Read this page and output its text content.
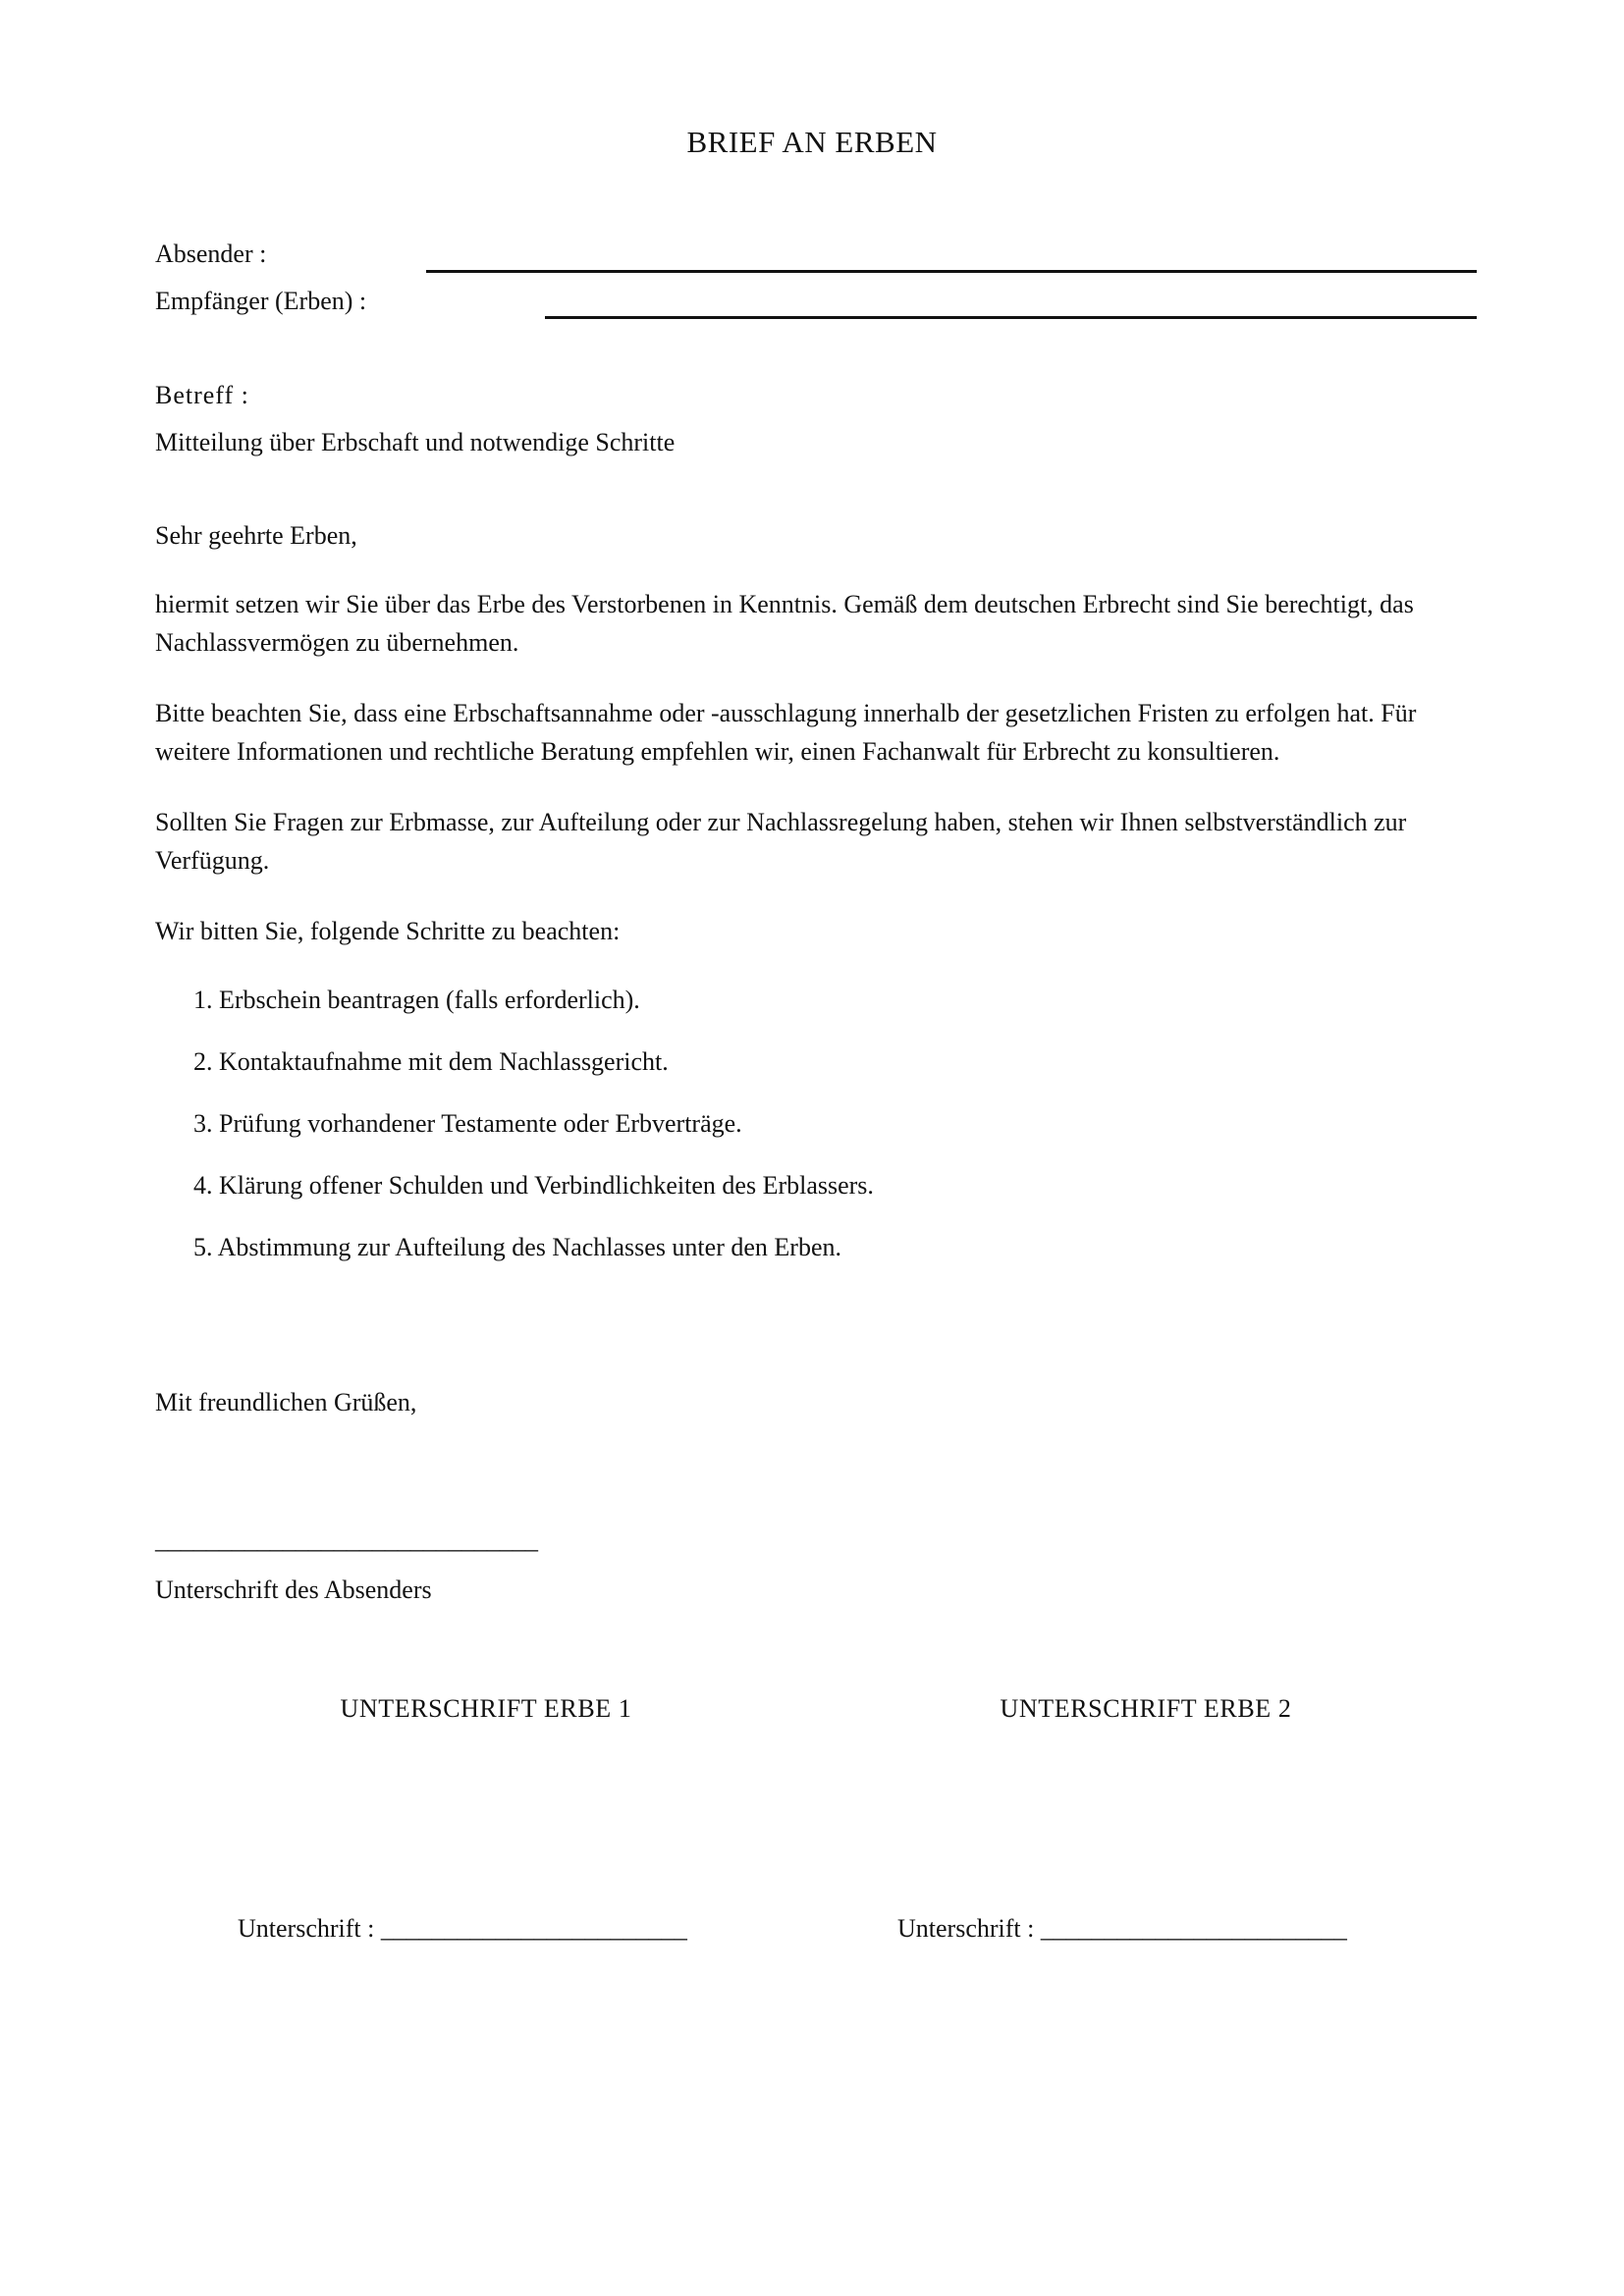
BRIEF AN ERBEN
Absender :
Empfänger (Erben) :
Betreff :
Mitteilung über Erbschaft und notwendige Schritte
Sehr geehrte Erben,
hiermit setzen wir Sie über das Erbe des Verstorbenen in Kenntnis. Gemäß dem deutschen Erbrecht sind Sie berechtigt, das Nachlassvermögen zu übernehmen.
Bitte beachten Sie, dass eine Erbschaftsannahme oder -ausschlagung innerhalb der gesetzlichen Fristen zu erfolgen hat. Für weitere Informationen und rechtliche Beratung empfehlen wir, einen Fachanwalt für Erbrecht zu konsultieren.
Sollten Sie Fragen zur Erbmasse, zur Aufteilung oder zur Nachlassregelung haben, stehen wir Ihnen selbstverständlich zur Verfügung.
Wir bitten Sie, folgende Schritte zu beachten:
1. Erbschein beantragen (falls erforderlich).
2. Kontaktaufnahme mit dem Nachlassgericht.
3. Prüfung vorhandener Testamente oder Erbverträge.
4. Klärung offener Schulden und Verbindlichkeiten des Erblassers.
5. Abstimmung zur Aufteilung des Nachlasses unter den Erben.
Mit freundlichen Grüßen,
______________________________
Unterschrift des Absenders
UNTERSCHRIFT ERBE 1	UNTERSCHRIFT ERBE 2
Unterschrift : ________________________	Unterschrift : ________________________
